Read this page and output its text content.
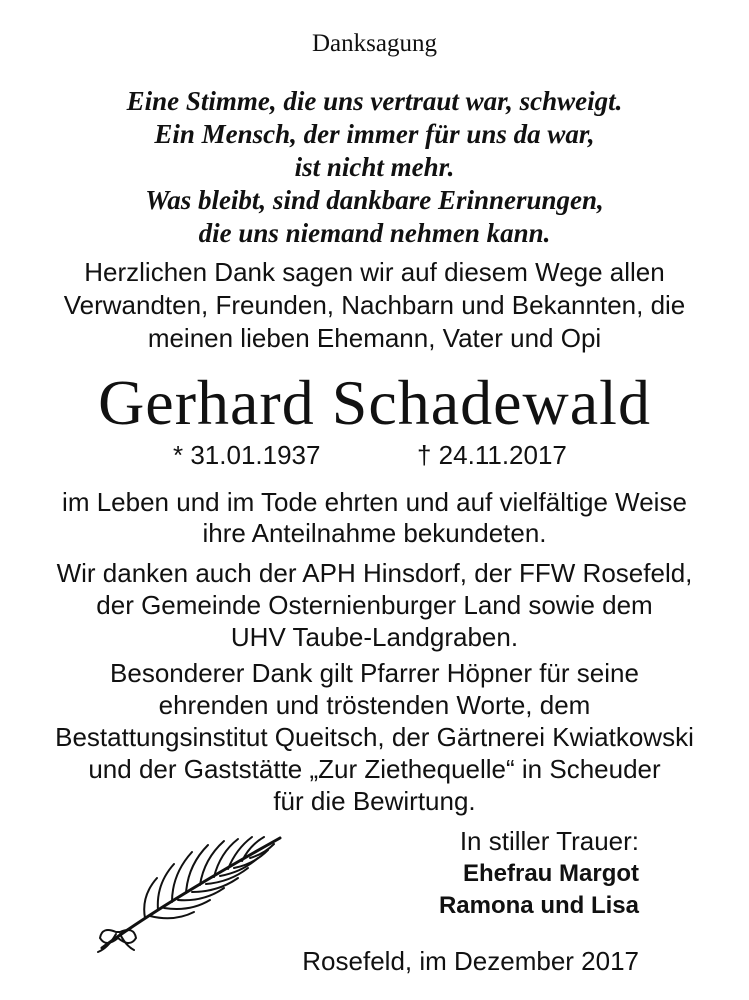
Danksagung
Eine Stimme, die uns vertraut war, schweigt.
Ein Mensch, der immer für uns da war,
ist nicht mehr.
Was bleibt, sind dankbare Erinnerungen,
die uns niemand nehmen kann.
Herzlichen Dank sagen wir auf diesem Wege allen
Verwandten, Freunden, Nachbarn und Bekannten, die
meinen lieben Ehemann, Vater und Opi
Gerhard Schadewald
* 31.01.1937	† 24.11.2017
im Leben und im Tode ehrten und auf vielfältige Weise
ihre Anteilnahme bekundeten.
Wir danken auch der APH Hinsdorf, der FFW Rosefeld,
der Gemeinde Osternienburger Land sowie dem
UHV Taube-Landgraben.
Besonderer Dank gilt Pfarrer Höpner für seine
ehrenden und tröstenden Worte, dem
Bestattungsinstitut Queitsch, der Gärtnerei Kwiatkowski
und der Gaststätte „Zur Ziethequelle“ in Scheuder
für die Bewirtung.
In stiller Trauer:
Ehefrau Margot
Ramona und Lisa
Rosefeld, im Dezember 2017
